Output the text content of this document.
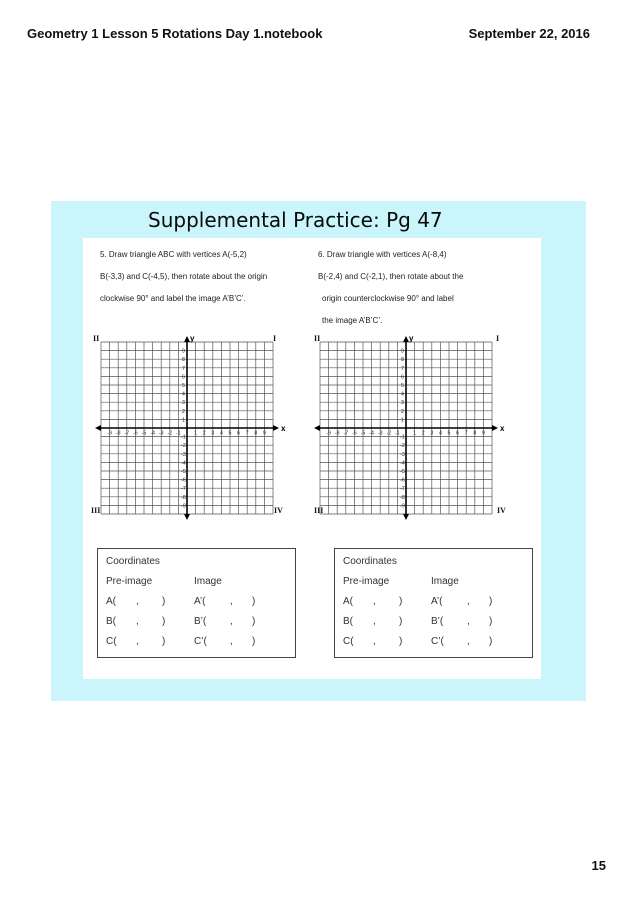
Geometry 1 Lesson 5 Rotations Day 1.notebook	September 22, 2016
Supplemental Practice: Pg 47
5. Draw triangle ABC with vertices A(-5,2)
B(-3,3) and C(-4,5), then rotate about the origin
clockwise 90° and label the image A’B’C’.
6. Draw triangle with vertices A(-8,4)
B(-2,4) and C(-2,1), then rotate about the
origin counterclockwise 90° and label
the image A’B’C’.
x
y
-9 -8 -7 -6 -5 -4 -3 -2 -1	1 2 3 4 5 6 7 8 9
9
8
7
6
5
4
3
2
1
-1
-2
-3
-4
-5
-6
-7
-8
-9
x
y
-9 -8 -7 -6 -5 -4 -3 -2 -1	1 2 3 4 5 6 7 8 9
9
8
7
6
5
4
3
2
1
-1
-2
-3
-4
-5
-6
-7
-8
-9
II	I
III	IV
II	I
III	IV
Coordinates
Pre-image	Image
A( , )	A’( , )
B( , )	B’( , )
C( , )	C’( , )
Coordinates
Pre-image	Image
A( , )	A’( , )
B( , )	B’( , )
C( , )	C’( , )
15
